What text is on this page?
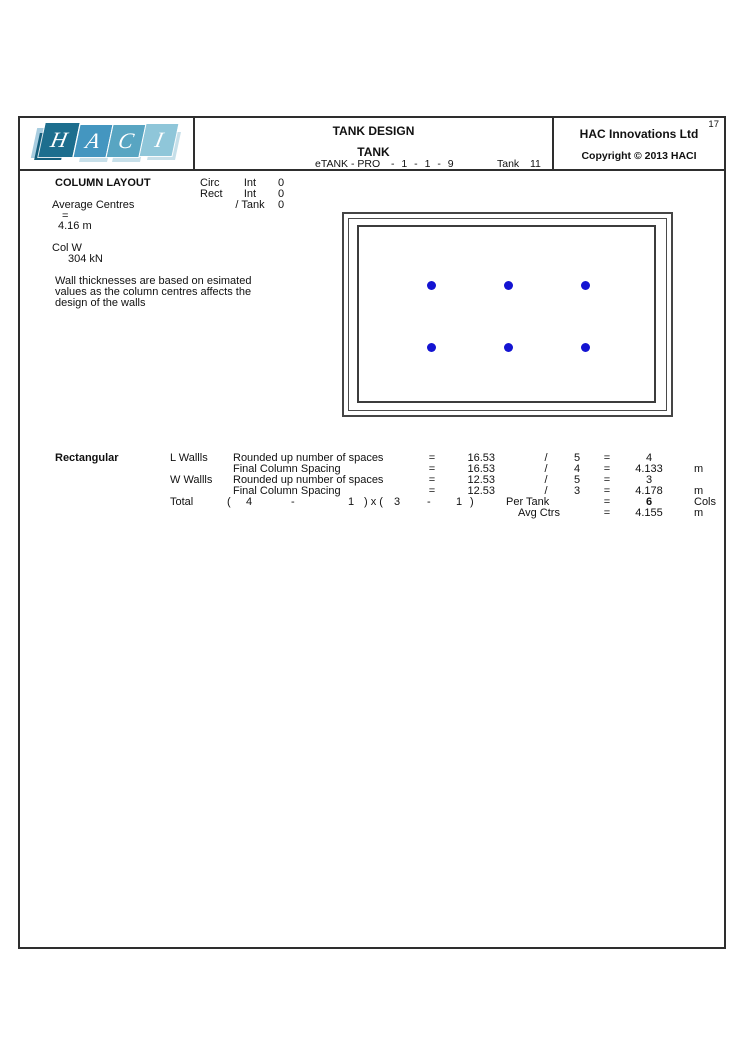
H A C I	TANK DESIGN
TANK
eTANK - PRO - 1 - 1 - 9	Tank 11
17
HAC Innovations Ltd
Copyright © 2013 HACI
COLUMN LAYOUT	Circ	Int	0
Rect	Int	0
/ Tank	0
Average Centres
=
4.16 m
Col W
304 kN
Wall thicknesses are based on esimated
values as the column centres affects the
design of the walls
Rectangular	L Wallls Rounded up number of spaces	=	16.53	/	5	=	4
Final Column Spacing	=	16.53	/	4	=	4.133	m
W Wallls Rounded up number of spaces	=	12.53	/	5	=	3
Final Column Spacing	=	12.53	/	3	=	4.178	m
Total	( 4	-	1 ) x ( 3 - 1 )	Per Tank	=	6	Cols
Avg Ctrs	=	4.155	m
